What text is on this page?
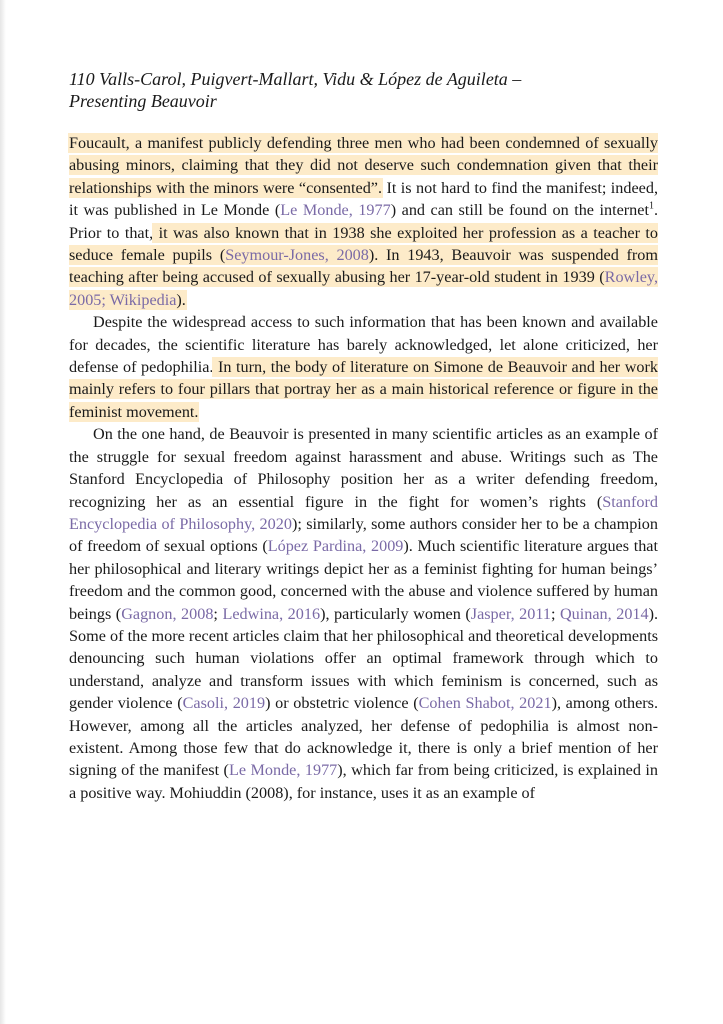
110 Valls-Carol, Puigvert-Mallart, Vidu & López de Aguileta –
Presenting Beauvoir

Foucault, a manifest publicly defending three men who had been condemned of sexually abusing minors, claiming that they did not deserve such condemnation given that their relationships with the minors were “consented”. It is not hard to find the manifest; indeed, it was published in Le Monde (Le Monde, 1977) and can still be found on the internet$^1$. Prior to that, it was also known that in 1938 she exploited her profession as a teacher to seduce female pupils (Seymour-Jones, 2008). In 1943, Beauvoir was suspended from teaching after being accused of sexually abusing her 17-year-old student in 1939 (Rowley, 2005; Wikipedia).

Despite the widespread access to such information that has been known and available for decades, the scientific literature has barely acknowledged, let alone criticized, her defense of pedophilia. In turn, the body of literature on Simone de Beauvoir and her work mainly refers to four pillars that portray her as a main historical reference or figure in the feminist movement.

On the one hand, de Beauvoir is presented in many scientific articles as an example of the struggle for sexual freedom against harassment and abuse. Writings such as The Stanford Encyclopedia of Philosophy position her as a writer defending freedom, recognizing her as an essential figure in the fight for women’s rights (Stanford Encyclopedia of Philosophy, 2020); similarly, some authors consider her to be a champion of freedom of sexual options (López Pardina, 2009). Much scientific literature argues that her philosophical and literary writings depict her as a feminist fighting for human beings’ freedom and the common good, concerned with the abuse and violence suffered by human beings (Gagnon, 2008; Ledwina, 2016), particularly women (Jasper, 2011; Quinan, 2014). Some of the more recent articles claim that her philosophical and theoretical developments denouncing such human violations offer an optimal framework through which to understand, analyze and transform issues with which feminism is concerned, such as gender violence (Casoli, 2019) or obstetric violence (Cohen Shabot, 2021), among others. However, among all the articles analyzed, her defense of pedophilia is almost non-existent. Among those few that do acknowledge it, there is only a brief mention of her signing of the manifest (Le Monde, 1977), which far from being criticized, is explained in a positive way. Mohiuddin (2008), for instance, uses it as an example of
